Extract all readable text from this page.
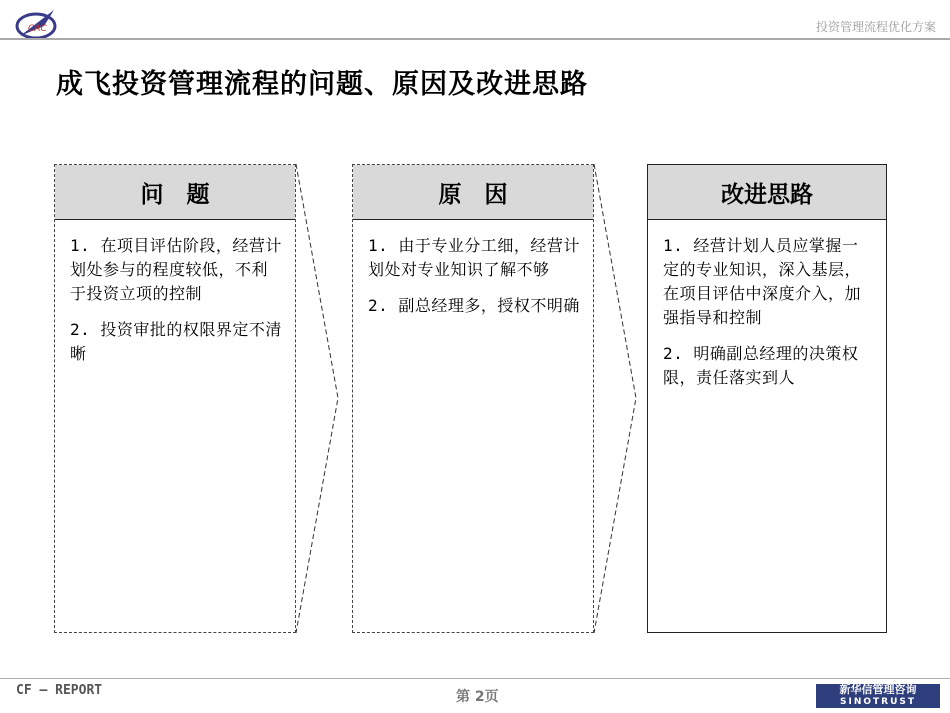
CAC	投资管理流程优化方案
成飞投资管理流程的问题、原因及改进思路
问　题

1. 在项目评估阶段，经营计划处参与的程度较低，不利于投资立项的控制

2. 投资审批的权限界定不清晰

原　因

1. 由于专业分工细，经营计划处对专业知识了解不够

2. 副总经理多，授权不明确

改进思路

1. 经营计划人员应掌握一定的专业知识，深入基层，在项目评估中深度介入，加强指导和控制

2. 明确副总经理的决策权限，责任落实到人

CF — REPORT	第 2页	新华信管理咨询
SINOTRUST
